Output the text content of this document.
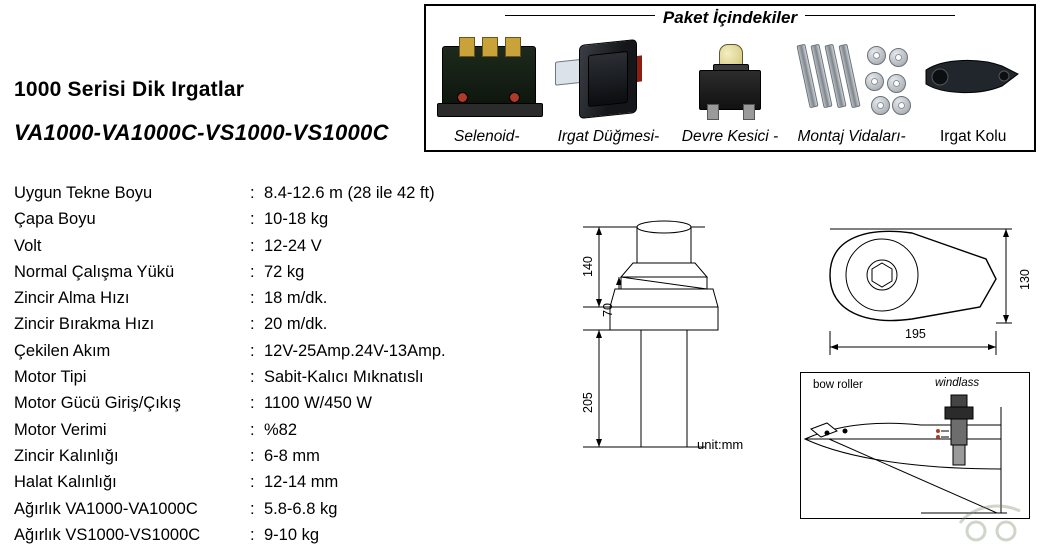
1000 Serisi Dik Irgatlar
VA1000-VA1000C-VS1000-VS1000C
Paket İçindekiler
Selenoid-	Irgat Düğmesi-	Devre Kesici -	Montaj Vidaları-	Irgat Kolu
Uygun Tekne Boyu	: 8.4-12.6 m (28 ile 42 ft)
Çapa Boyu	: 10-18 kg
Volt	: 12-24 V
Normal Çalışma Yükü	: 72 kg
Zincir Alma Hızı	: 18 m/dk.
Zincir Bırakma Hızı	: 20 m/dk.
Çekilen Akım	: 12V-25Amp.24V-13Amp.
Motor Tipi	: Sabit-Kalıcı Mıknatıslı
Motor Gücü Giriş/Çıkış	: 1100 W/450 W
Motor Verimi	: %82
Zincir Kalınlığı	: 6-8 mm
Halat Kalınlığı	: 12-14 mm
Ağırlık VA1000-VA1000C	: 5.8-6.8 kg
Ağırlık VS1000-VS1000C	: 9-10 kg
140
70
205
unit:mm
130
195
bow roller	windlass
